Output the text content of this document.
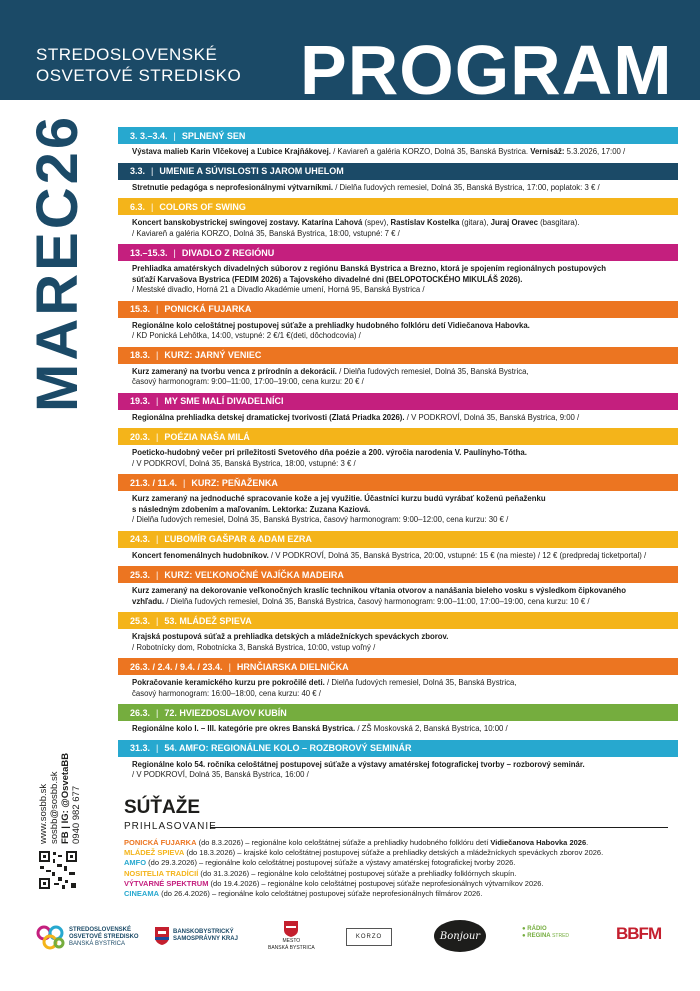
STREDOSLOVENSKÉ
OSVETOVÉ STREDISKO PROGRAM
MAREC26	3. 3.–3.4. | SPLNENÝ SEN
Výstava malieb Karin Vlčekovej a Ľubice Krajňákovej. / Kaviareň a galéria KORZO, Dolná 35, Banská Bystrica. Vernisáž: 5.3.2026, 17:00 /
3.3. | UMENIE A SÚVISLOSTI S JAROM UHELOM
Stretnutie pedagóga s neprofesionálnymi výtvarníkmi. / Dielňa ľudových remesiel, Dolná 35, Banská Bystrica, 17:00, poplatok: 3 € /
6.3. | COLORS OF SWING
Koncert banskobystrickej swingovej zostavy. Katarína Ľahová (spev), Rastislav Kostelka (gitara), Juraj Oravec (basgitara).
/ Kaviareň a galéria KORZO, Dolná 35, Banská Bystrica, 18:00, vstupné: 7 € /
13.–15.3. | DIVADLO Z REGIÓNU
Prehliadka amatérskych divadelných súborov z regiónu Banská Bystrica a Brezno, ktorá je spojením regionálnych postupových
súťaží Karvašova Bystrica (FEDIM 2026) a Tajovského divadelné dni (BELOPOTOCKÉHO MIKULÁŠ 2026).
/ Mestské divadlo, Horná 21 a Divadlo Akadémie umení, Horná 95, Banská Bystrica /
15.3. | PONICKÁ FUJARKA
Regionálne kolo celoštátnej postupovej súťaže a prehliadky hudobného folklóru detí Vidiečanova Habovka.
/ KD Ponická Lehôtka, 14:00, vstupné: 2 €/1 €(deti, dôchodcovia) /
18.3. | KURZ: JARNÝ VENIEC
Kurz zameraný na tvorbu venca z prírodnín a dekorácií. / Dielňa ľudových remesiel, Dolná 35, Banská Bystrica,
časový harmonogram: 9:00–11:00, 17:00–19:00, cena kurzu: 20 € /
19.3. | MY SME MALÍ DIVADELNÍCI
Regionálna prehliadka detskej dramatickej tvorivosti (Zlatá Priadka 2026). / V PODKROVÍ, Dolná 35, Banská Bystrica, 9:00 /
20.3. | POÉZIA NAŠA MILÁ
Poeticko-hudobný večer pri príležitosti Svetového dňa poézie a 200. výročia narodenia V. Paulínyho-Tótha.
/ V PODKROVÍ, Dolná 35, Banská Bystrica, 18:00, vstupné: 3 € /
21.3. / 11.4. | KURZ: PEŇAŽENKA
Kurz zameraný na jednoduché spracovanie kože a jej využitie. Účastníci kurzu budú vyrábať koženú peňaženku
s následným zdobením a maľovaním. Lektorka: Zuzana Kaziová.
/ Dielňa ľudových remesiel, Dolná 35, Banská Bystrica, časový harmonogram: 9:00–12:00, cena kurzu: 30 € /
24.3. | ĽUBOMÍR GAŠPAR & ADAM EZRA
Koncert fenomenálnych hudobníkov. / V PODKROVÍ, Dolná 35, Banská Bystrica, 20:00, vstupné: 15 € (na mieste) / 12 € (predpredaj ticketportal) /
25.3. | KURZ: VEĽKONOČNÉ VAJÍČKA MADEIRA
Kurz zameraný na dekorovanie veľkonočných kraslíc technikou vŕtania otvorov a nanášania bieleho vosku s výsledkom čipkovaného
vzhľadu. / Dielňa ľudových remesiel, Dolná 35, Banská Bystrica, časový harmonogram: 9:00–11:00, 17:00–19:00, cena kurzu: 10 € /
25.3. | 53. MLÁDEŽ SPIEVA
Krajská postupová súťaž a prehliadka detských a mládežníckych speváckych zborov.
/ Robotnícky dom, Robotnícka 3, Banská Bystrica, 10:00, vstup voľný /
26.3. / 2.4. / 9.4. / 23.4. | HRNČIARSKA DIELNIČKA
Pokračovanie keramického kurzu pre pokročilé deti. / Dielňa ľudových remesiel, Dolná 35, Banská Bystrica,
časový harmonogram: 16:00–18:00, cena kurzu: 40 € /
26.3. | 72. HVIEZDOSLAVOV KUBÍN
Regionálne kolo I. – III. kategórie pre okres Banská Bystrica. / ZŠ Moskovská 2, Banská Bystrica, 10:00 /
31.3. | 54. AMFO: REGIONÁLNE KOLO – ROZBOROVÝ SEMINÁR
Regionálne kolo 54. ročníka celoštátnej postupovej súťaže a výstavy amatérskej fotografickej tvorby – rozborový seminár.
/ V PODKROVÍ, Dolná 35, Banská Bystrica, 16:00 /
www.sosbb.sk sosbb@sosbb.sk FB | IG: @OsvetaBB 0940 982 677 SÚŤAŽE
PRIHLASOVANIE
PONICKÁ FUJARKA (do 8.3.2026) – regionálne kolo celoštátnej súťaže a prehliadky hudobného folklóru detí Vidiečanova Habovka 2026.
MLÁDEŽ SPIEVA (do 18.3.2026) – krajské kolo celoštátnej postupovej súťaže a prehliadky detských a mládežníckych speváckych zborov 2026.
AMFO (do 29.3.2026) – regionálne kolo celoštátnej postupovej súťaže a výstavy amatérskej fotografickej tvorby 2026.
NOSITELIA TRADÍCIÍ (do 31.3.2026) – regionálne kolo celoštátnej postupovej súťaže a prehliadky folklórnych skupín.
VÝTVARNÉ SPEKTRUM (do 19.4.2026) – regionálne kolo celoštátnej postupovej súťaže neprofesionálnych výtvarníkov 2026.
CINEAMA (do 26.4.2026) – regionálne kolo celoštátnej postupovej súťaže neprofesionálnych filmárov 2026.
STREDOSLOVENSKÉ
OSVETOVÉ STREDISKO
BANSKÁ BYSTRICA
BANSKOBYSTRICKÝ
SAMOSPRÁVNY KRAJ	MESTO
BANSKÁ BYSTRICA
KORZO	Bonjour
● RÁDIO
● REGINA STRED	BBFM
